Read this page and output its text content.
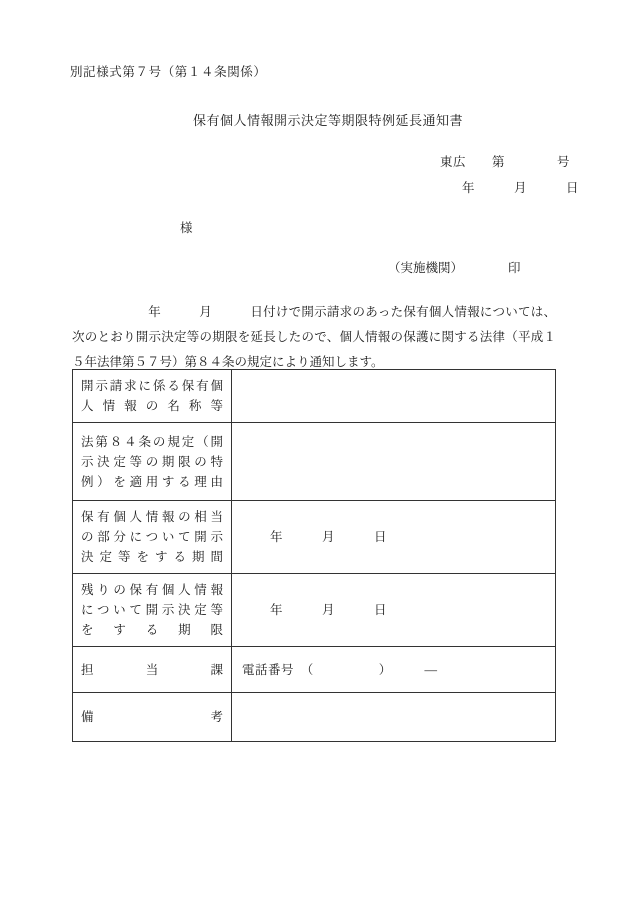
別記様式第７号（第１４条関係）
保有個人情報開示決定等期限特例延長通知書
東広　　第　　　　号
年　　　月　　　日
様
（実施機関）	印
年　　　月　　　日付けで開示請求のあった保有個人情報については、次のとおり開示決定等の期限を延長したので、個人情報の保護に関する法律（平成１５年法律第５７号）第８４条の規定により通知します。
開示請求に係る保有個
人情報の名称等	

法第８４条の規定（開
示決定等の期限の特
例）を適用する理由	

保有個人情報の相当
の部分について開示
決定等をする期間	年　　　月　　　日

残りの保有個人情報
について開示決定等
をする期限	年　　　月　　　日

担当課	電話番号　（　　　　　）　　　―

備考	
